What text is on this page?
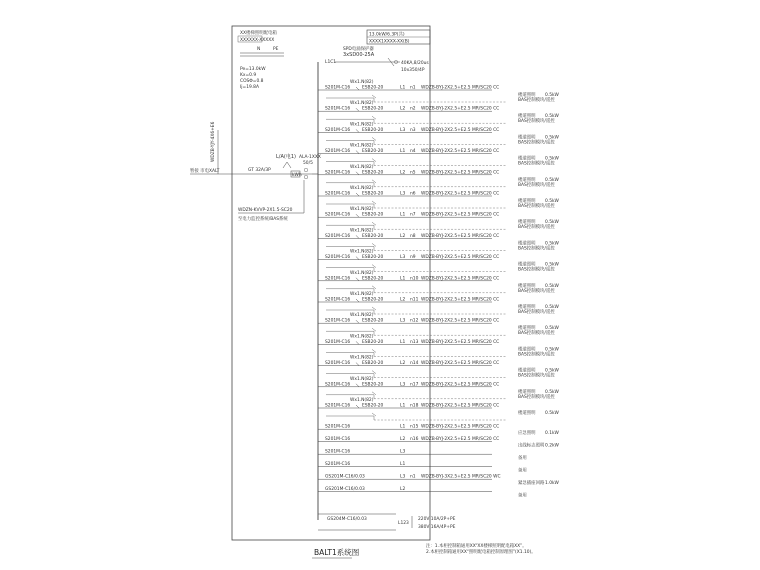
13.0kW/6.3P(共)
XXXX1XXXX-XX(B)
SPD电涌保护器
3xSD00-25A
40KA,8/20us
10x350/4P
L1C1
XX楼梯照明配电箱
XXXXXX-XXXXX
N	PE
Pe=13.0kW
Kx=0.9
COSΦ=0.8
Ij=19.8A
暂接 市电XALT
WDZB-YJY-4X6+E6
GT 32A/3P
L/A(电1) ALA-1XXX
50/5
kWh
WDZN-KVVP-2X1.5-SC20
至电力监控系统/BAS系统
Wx1.N(82)
S201M-C16	ESB20-20	L1 n1 WDZB-BYJ-2X2.5+E2.5 MR/SC20 CC
楼道照明 0.5kW
BAS控制模块/遥控
Wx1.N(82)
S201M-C16	ESB20-20	L2 n2 WDZB-BYJ-2X2.5+E2.5 MR/SC20 CC
楼道照明 0.5kW
BAS控制模块/遥控
Wx1.N(82)
S201M-C16	ESB20-20	L3 n3 WDZB-BYJ-2X2.5+E2.5 MR/SC20 CC
楼道照明 0.5kW
BAS控制模块/遥控
Wx1.N(82)
S201M-C16	ESB20-20	L1 n4 WDZB-BYJ-2X2.5+E2.5 MR/SC20 CC
楼道照明 0.5kW
BAS控制模块/遥控
Wx1.N(82)
S201M-C16	ESB20-20	L2 n5 WDZB-BYJ-2X2.5+E2.5 MR/SC20 CC
楼道照明 0.5kW
BAS控制模块/遥控
Wx1.N(82)
S201M-C16	ESB20-20	L3 n6 WDZB-BYJ-2X2.5+E2.5 MR/SC20 CC
楼道照明 0.5kW
BAS控制模块/遥控
Wx1.N(82)
S201M-C16	ESB20-20	L1 n7 WDZB-BYJ-2X2.5+E2.5 MR/SC20 CC
楼道照明 0.5kW
BAS控制模块/遥控
Wx1.N(82)
S201M-C16	ESB20-20	L2 n8 WDZB-BYJ-2X2.5+E2.5 MR/SC20 CC
楼道照明 0.5kW
BAS控制模块/遥控
Wx1.N(82)
S201M-C16	ESB20-20	L3 n9 WDZB-BYJ-2X2.5+E2.5 MR/SC20 CC
楼道照明 0.5kW
BAS控制模块/遥控
Wx1.N(82)
S201M-C16	ESB20-20	L1 n10 WDZB-BYJ-2X2.5+E2.5 MR/SC20 CC
楼道照明 0.5kW
BAS控制模块/遥控
Wx1.N(82)
S201M-C16	ESB20-20	L2 n11 WDZB-BYJ-2X2.5+E2.5 MR/SC20 CC
楼道照明 0.5kW
BAS控制模块/遥控
Wx1.N(82)
S201M-C16	ESB20-20	L3 n12 WDZB-BYJ-2X2.5+E2.5 MR/SC20 CC
楼道照明 0.5kW
BAS控制模块/遥控
Wx1.N(82)
S201M-C16	ESB20-20	L1 n13 WDZB-BYJ-2X2.5+E2.5 MR/SC20 CC
楼道照明 0.5kW
BAS控制模块/遥控
Wx1.N(82)
S201M-C16	ESB20-20	L2 n14 WDZB-BYJ-2X2.5+E2.5 MR/SC20 CC
楼道照明 0.5kW
BAS控制模块/遥控
Wx1.N(82)
S201M-C16	ESB20-20	L3 n17 WDZB-BYJ-2X2.5+E2.5 MR/SC20 CC
楼道照明 0.5kW
BAS控制模块/遥控
Wx1.N(82)
S201M-C16	ESB20-20	L1 n18 WDZB-BYJ-2X2.5+E2.5 MR/SC20 CC
楼道照明 0.5kW
S201M-C16	L1 n15 WDZB-BYJ-2X2.5+E2.5 MR/SC20 CC
应急照明 0.1kW
S201M-C16	L2 n16 WDZB-BYJ-2X2.5+E2.5 MR/SC20 CC
出线标志照明 0.2kW
S201M-C16	L3
备用
S201M-C16	L1
备用
GS201M-C16/0.03	L3 n1 WDZB-BYJ-3X2.5+E2.5 MR/SC20 WC
紧急插座回路 1.0kW
GS201M-C16/0.03	L2
备用
GS204M-C16/0.03
L123
220V 10A/2P+PE
380V 16A/4P+PE
注：1.本柜控制箱通用XX“XX楼梯照明配电箱XX”。
2.本柜控制箱通用XX“照明配电箱控制原理图”(X1.10)。
BALT1系统图
